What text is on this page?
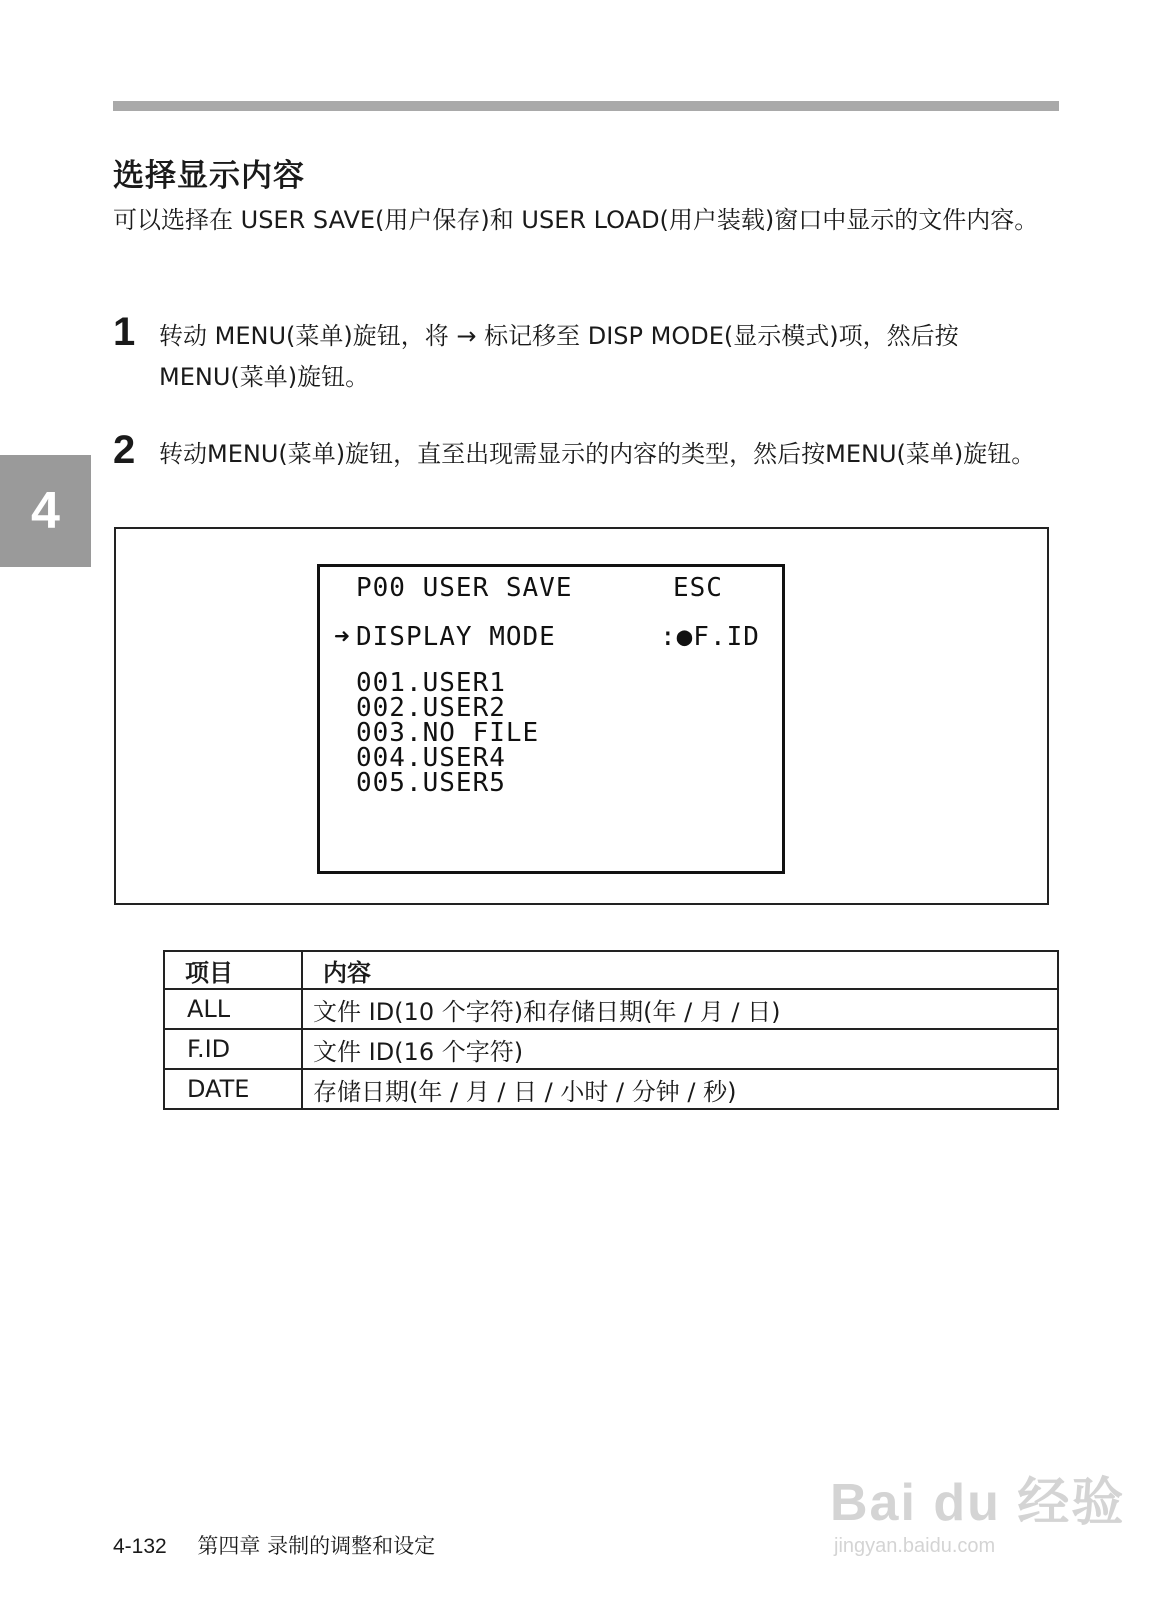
选择显示内容
可以选择在 USER SAVE(用户保存)和 USER LOAD(用户装载)窗口中显示的文件内容。
1 转动 MENU(菜单)旋钮，将 → 标记移至 DISP MODE(显示模式)项，然后按 MENU(菜单)旋钮。
4
2 转动MENU(菜单)旋钮，直至出现需显示的内容的类型，然后按MENU(菜单)旋钮。
P00 USER SAVE	ESC
➜ DISPLAY MODE	:●F.ID
001.USER1
002.USER2
003.NO FILE
004.USER4
005.USER5
项目	内容
ALL	文件 ID(10 个字符)和存储日期(年 / 月 / 日)
F.ID	文件 ID(16 个字符)
DATE	存储日期(年 / 月 / 日 / 小时 / 分钟 / 秒)
4-132 第四章 录制的调整和设定
Bai du 经验
jingyan.baidu.com
